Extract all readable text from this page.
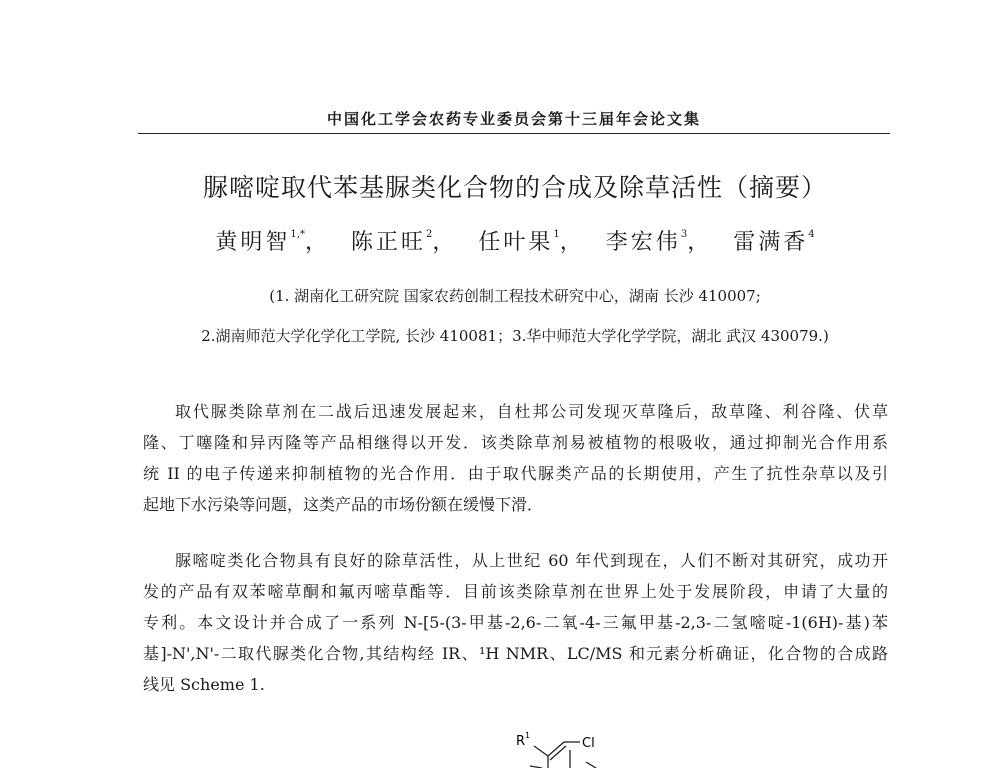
中国化工学会农药专业委员会第十三届年会论文集
脲嘧啶取代苯基脲类化合物的合成及除草活性（摘要）
黄明智$^{1,*}$， 陈正旺$^2$， 任叶果$^1$， 李宏伟$^3$， 雷满香$^4$
(1. 湖南化工研究院 国家农药创制工程技术研究中心，湖南 长沙 410007;
2.湖南师范大学化学化工学院, 长沙 410081；3.华中师范大学化学学院，湖北 武汉 430079.)
取代脲类除草剂在二战后迅速发展起来，自杜邦公司发现灭草隆后，敌草隆、利谷隆、伏草
隆、丁噻隆和异丙隆等产品相继得以开发．该类除草剂易被植物的根吸收，通过抑制光合作用系
统 II 的电子传递来抑制植物的光合作用．由于取代脲类产品的长期使用，产生了抗性杂草以及引
起地下水污染等问题，这类产品的市场份额在缓慢下滑．
脲嘧啶类化合物具有良好的除草活性，从上世纪 60 年代到现在，人们不断对其研究，成功开
发的产品有双苯嘧草酮和氟丙嘧草酯等．目前该类除草剂在世界上处于发展阶段，申请了大量的
专利。本文设计并合成了一系列 N-[5-(3-甲基-2,6-二氧-4-三氟甲基-2,3-二氢嘧啶-1(6H)-基)苯
基]-N',N'-二取代脲类化合物,其结构经 IR、¹H NMR、LC/MS 和元素分析确证，化合物的合成路
线见 Scheme 1.
R 1
Cl
